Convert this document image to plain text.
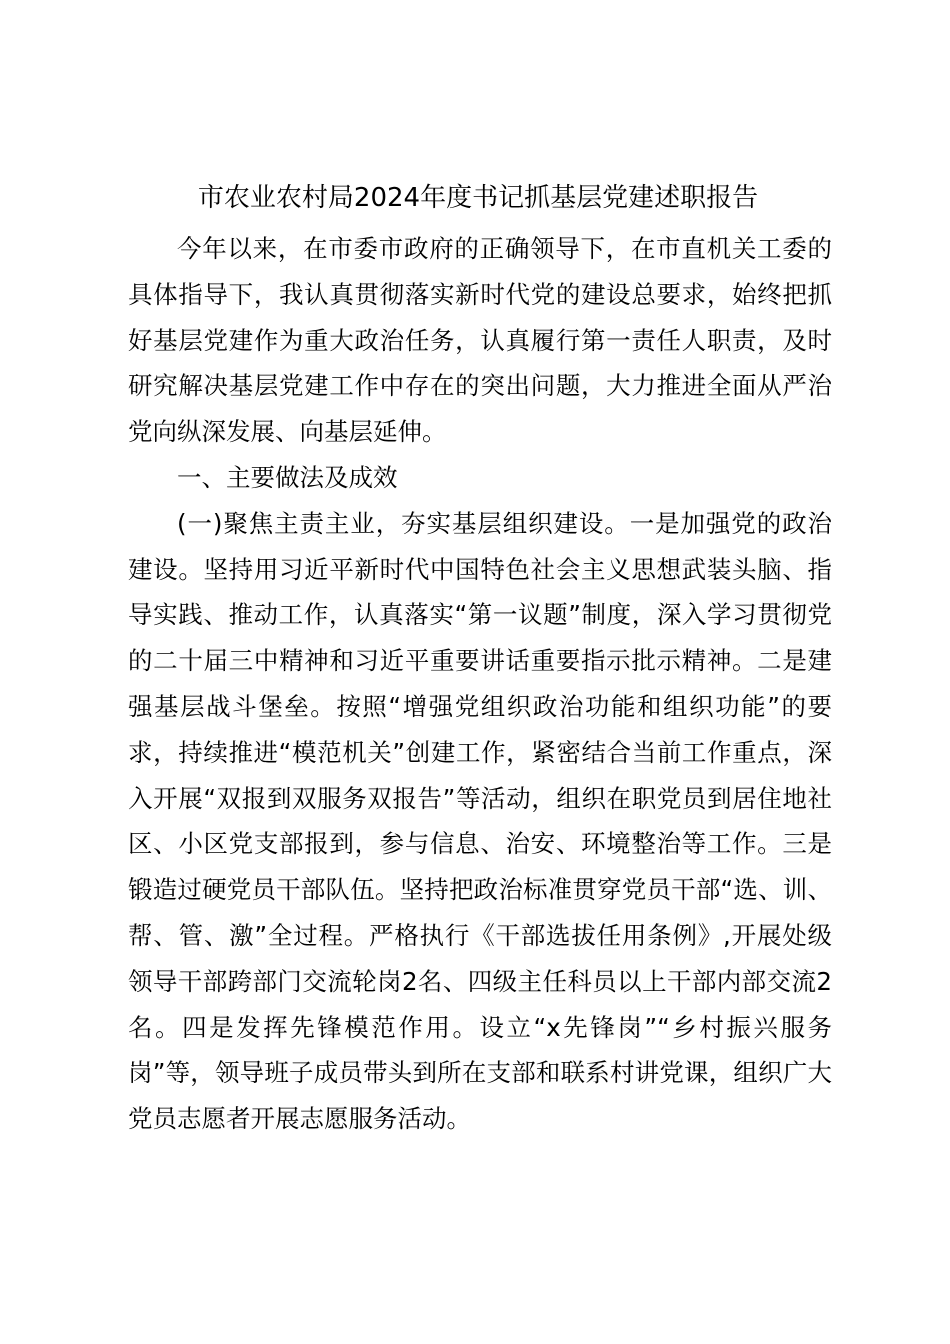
市农业农村局2024年度书记抓基层党建述职报告

今年以来，在市委市政府的正确领导下，在市直机关工委的具体指导下，我认真贯彻落实新时代党的建设总要求，始终把抓好基层党建作为重大政治任务，认真履行第一责任人职责，及时研究解决基层党建工作中存在的突出问题，大力推进全面从严治党向纵深发展、向基层延伸。

一、主要做法及成效

(一)聚焦主责主业，夯实基层组织建设。一是加强党的政治建设。坚持用习近平新时代中国特色社会主义思想武装头脑、指导实践、推动工作，认真落实“第一议题”制度，深入学习贯彻党的二十届三中精神和习近平重要讲话重要指示批示精神。二是建强基层战斗堡垒。按照“增强党组织政治功能和组织功能”的要求，持续推进“模范机关”创建工作，紧密结合当前工作重点，深入开展“双报到双服务双报告”等活动，组织在职党员到居住地社区、小区党支部报到，参与信息、治安、环境整治等工作。三是锻造过硬党员干部队伍。坚持把政治标准贯穿党员干部“选、训、帮、管、激”全过程。严格执行《干部选拔任用条例》,开展处级领导干部跨部门交流轮岗2名、四级主任科员以上干部内部交流2名。四是发挥先锋模范作用。设立“x先锋岗”“乡村振兴服务岗”等，领导班子成员带头到所在支部和联系村讲党课，组织广大党员志愿者开展志愿服务活动。
